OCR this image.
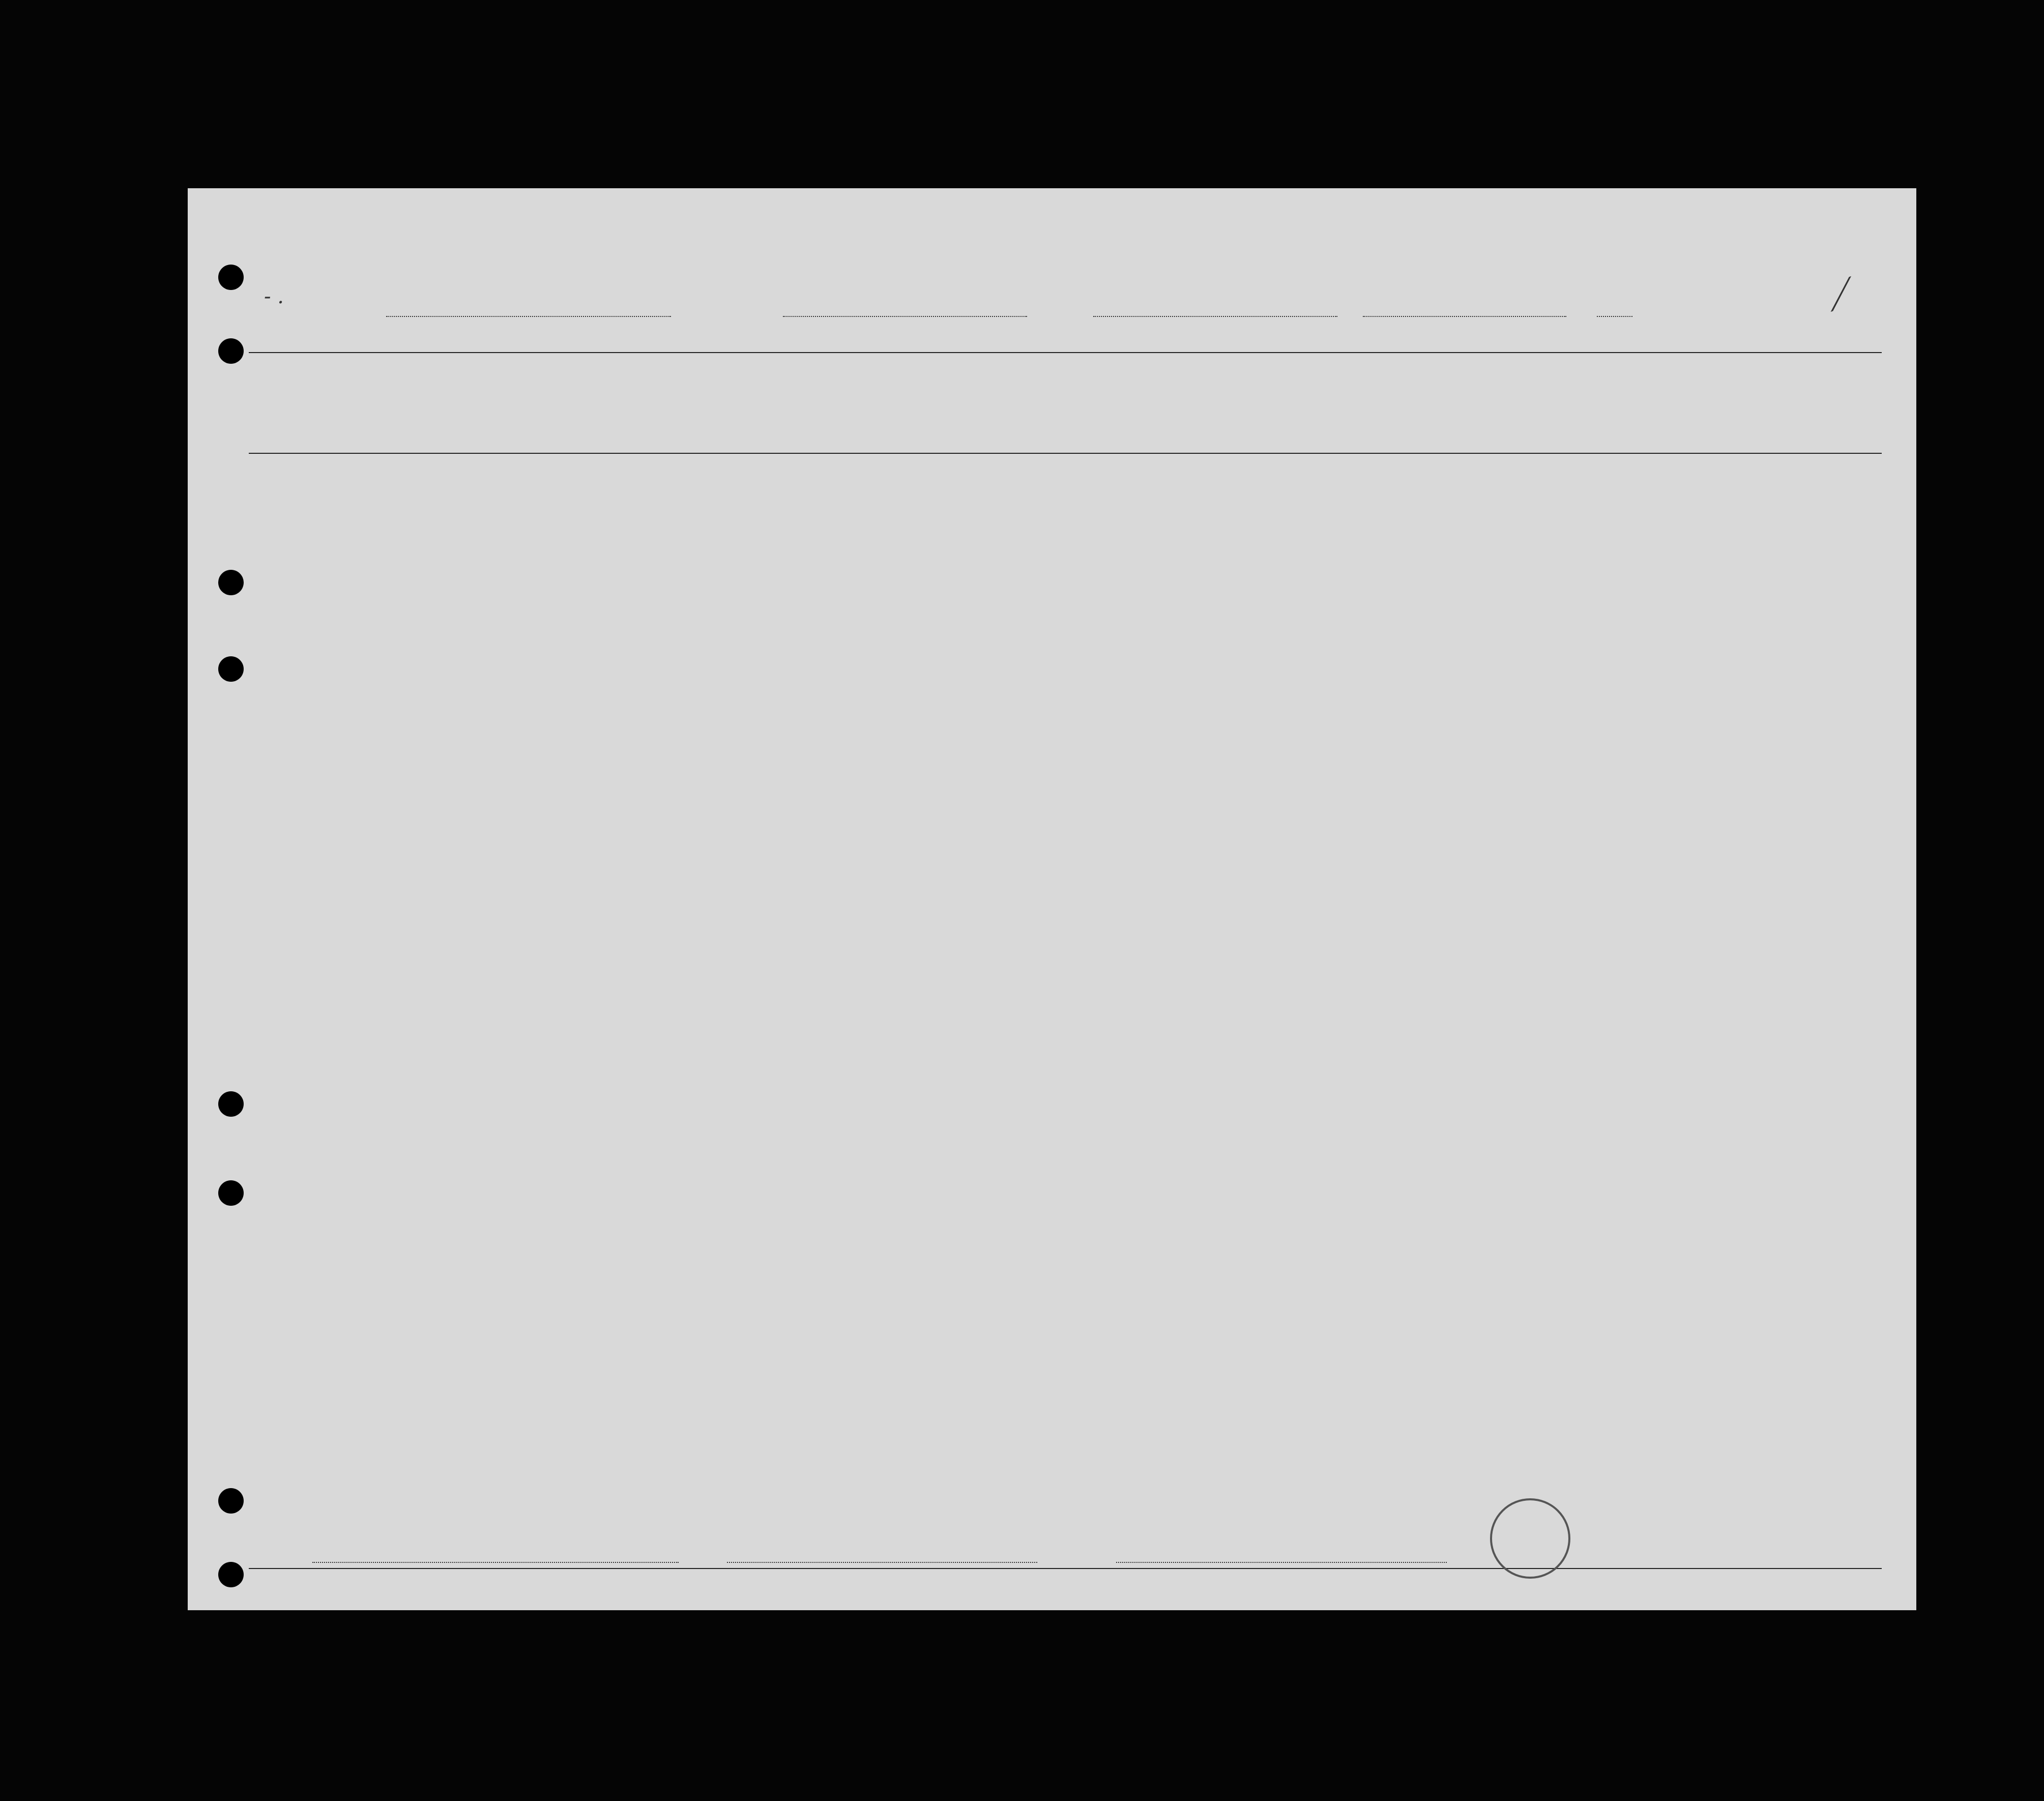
- .	⟋
